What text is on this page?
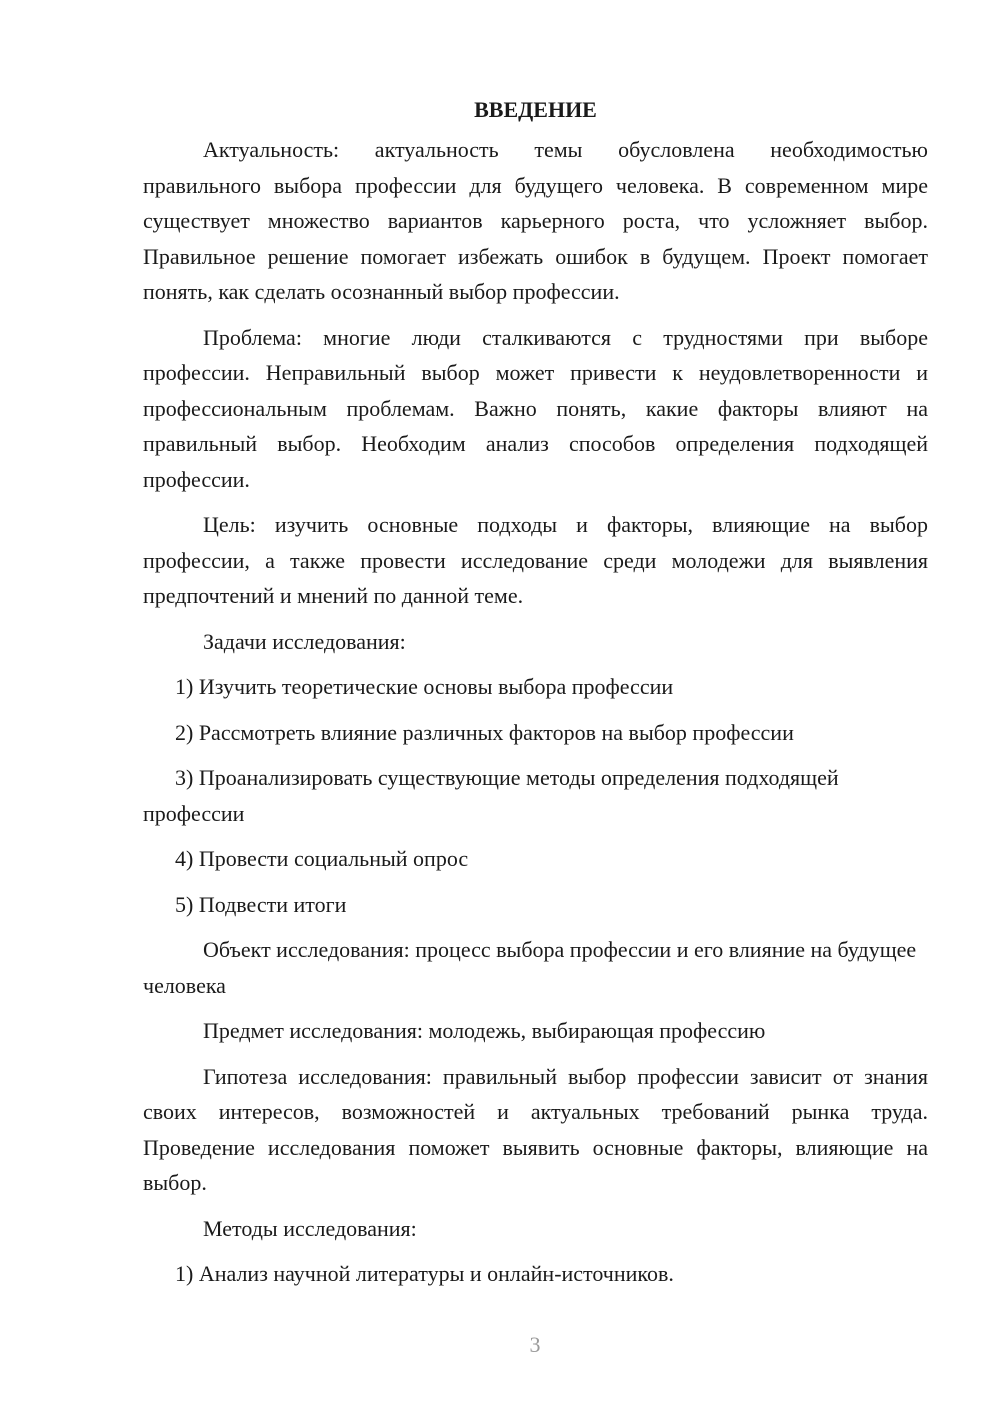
ВВЕДЕНИЕ

Актуальность: актуальность темы обусловлена необходимостью правильного выбора профессии для будущего человека. В современном мире существует множество вариантов карьерного роста, что усложняет выбор. Правильное решение помогает избежать ошибок в будущем. Проект помогает понять, как сделать осознанный выбор профессии.

Проблема: многие люди сталкиваются с трудностями при выборе профессии. Неправильный выбор может привести к неудовлетворенности и профессиональным проблемам. Важно понять, какие факторы влияют на правильный выбор. Необходим анализ способов определения подходящей профессии.

Цель: изучить основные подходы и факторы, влияющие на выбор профессии, а также провести исследование среди молодежи для выявления предпочтений и мнений по данной теме.

Задачи исследования:

1) Изучить теоретические основы выбора профессии
2) Рассмотреть влияние различных факторов на выбор профессии
3) Проанализировать существующие методы определения подходящей профессии
4) Провести социальный опрос
5) Подвести итоги

Объект исследования: процесс выбора профессии и его влияние на будущее человека

Предмет исследования: молодежь, выбирающая профессию

Гипотеза исследования: правильный выбор профессии зависит от знания своих интересов, возможностей и актуальных требований рынка труда. Проведение исследования поможет выявить основные факторы, влияющие на выбор.

Методы исследования:

1) Анализ научной литературы и онлайн-источников.
3
